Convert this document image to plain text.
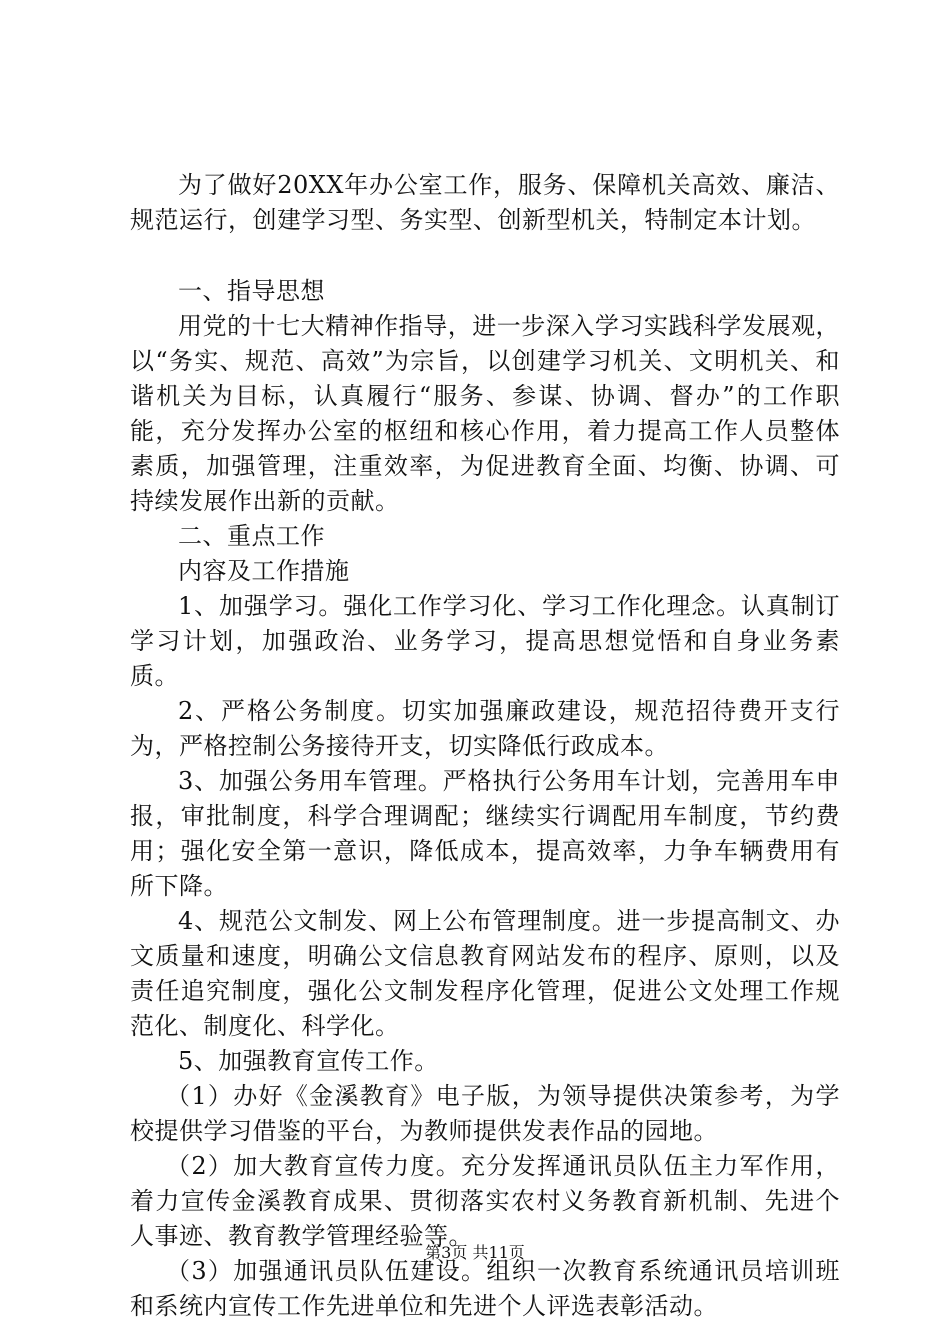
为了做好20XX年办公室工作，服务、保障机关高效、廉洁、规范运行，创建学习型、务实型、创新型机关，特制定本计划。

一、指导思想

用党的十七大精神作指导，进一步深入学习实践科学发展观，以“务实、规范、高效”为宗旨，以创建学习机关、文明机关、和谐机关为目标，认真履行“服务、参谋、协调、督办”的工作职能，充分发挥办公室的枢纽和核心作用，着力提高工作人员整体素质，加强管理，注重效率，为促进教育全面、均衡、协调、可持续发展作出新的贡献。

二、重点工作

内容及工作措施

1、加强学习。强化工作学习化、学习工作化理念。认真制订学习计划，加强政治、业务学习，提高思想觉悟和自身业务素质。

2、严格公务制度。切实加强廉政建设，规范招待费开支行为，严格控制公务接待开支，切实降低行政成本。

3、加强公务用车管理。严格执行公务用车计划，完善用车申报，审批制度，科学合理调配；继续实行调配用车制度，节约费用；强化安全第一意识，降低成本，提高效率，力争车辆费用有所下降。

4、规范公文制发、网上公布管理制度。进一步提高制文、办文质量和速度，明确公文信息教育网站发布的程序、原则，以及责任追究制度，强化公文制发程序化管理，促进公文处理工作规范化、制度化、科学化。

5、加强教育宣传工作。

（1）办好《金溪教育》电子版，为领导提供决策参考，为学校提供学习借鉴的平台，为教师提供发表作品的园地。

（2）加大教育宣传力度。充分发挥通讯员队伍主力军作用，着力宣传金溪教育成果、贯彻落实农村义务教育新机制、先进个人事迹、教育教学管理经验等。

（3）加强通讯员队伍建设。组织一次教育系统通讯员培训班和系统内宣传工作先进单位和先进个人评选表彰活动。

第3页 共11页
